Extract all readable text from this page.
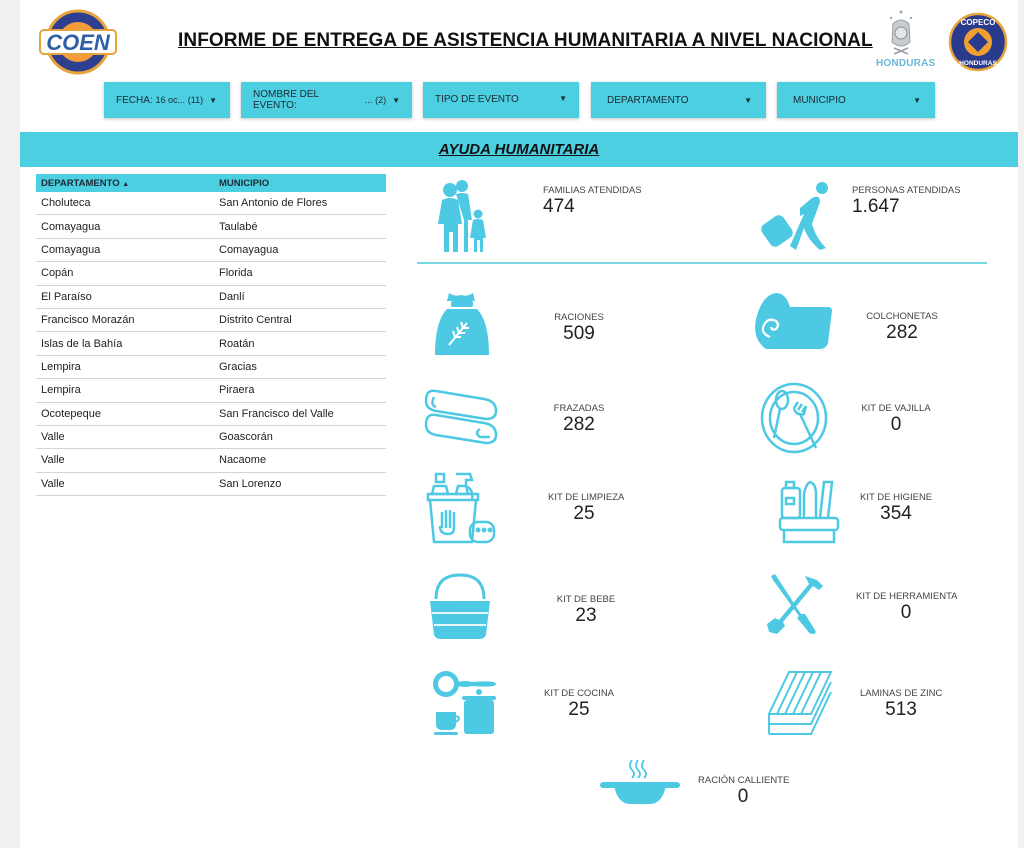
COEN	INFORME DE ENTREGA DE ASISTENCIA HUMANITARIA A NIVEL NACIONAL
HONDURAS
COPECO
HONDURAS
FECHA:
16 oc...
(11) ▼	NOMBRE DEL EVENTO:
	...
(2) ▼	TIPO DE EVENTO	▼	DEPARTAMENTO	▼	MUNICIPIO	▼
AYUDA HUMANITARIA
DEPARTAMENTO ▲	MUNICIPIO
Choluteca	San Antonio de Flores
Comayagua	Taulabé
Comayagua	Comayagua
Copán	Florida
El Paraíso	Danlí
Francisco Morazán	Distrito Central
Islas de la Bahía	Roatán
Lempira	Gracias
Lempira	Piraera
Ocotepeque	San Francisco del Valle
Valle	Goascorán
Valle	Nacaome
Valle	San Lorenzo
FAMILIAS ATENDIDAS
474
PERSONAS ATENDIDAS
1.647
RACIONES
509
COLCHONETAS
282
FRAZADAS
282
KIT DE VAJILLA
0
KIT DE LIMPIEZA
25
KIT DE HIGIENE
354
KIT DE BEBE
23
KIT DE HERRAMIENTA
0
KIT DE COCINA
25
LAMINAS DE ZINC
513
RACIÓN CALLIENTE
0
